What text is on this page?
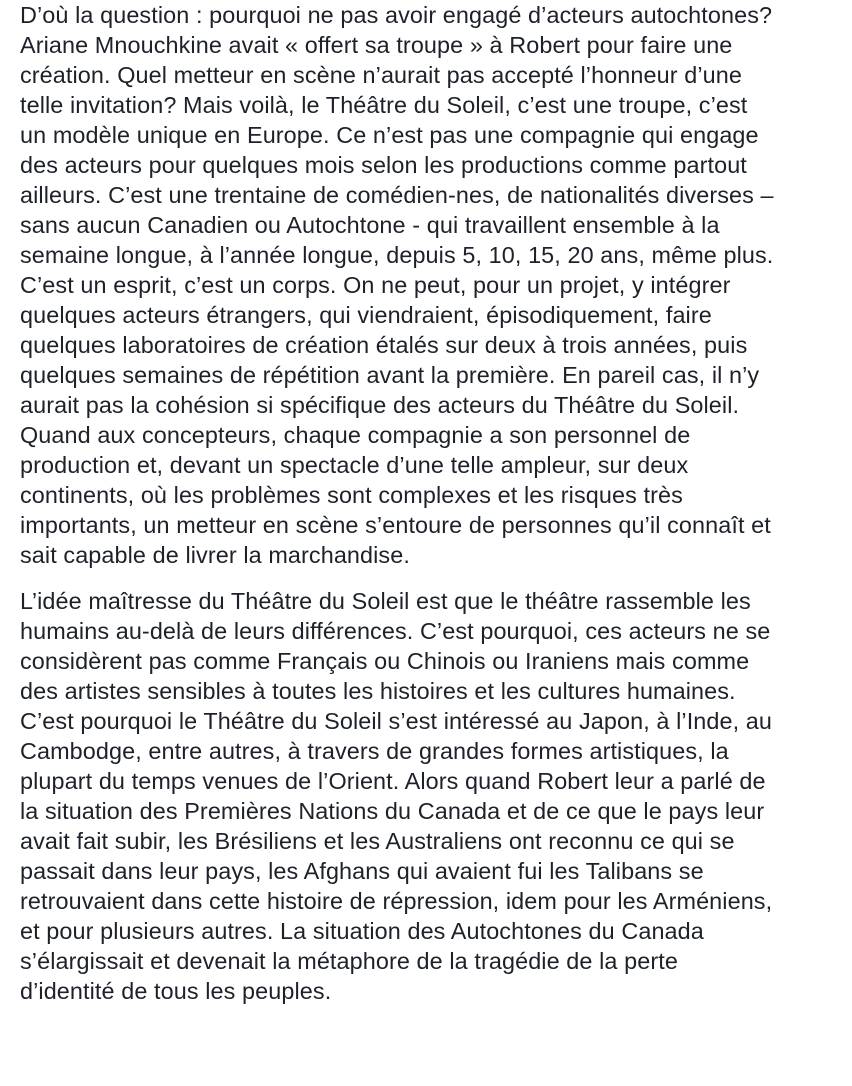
D’où la question : pourquoi ne pas avoir engagé d’acteurs autochtones?
Ariane Mnouchkine avait « offert sa troupe » à Robert pour faire une
création. Quel metteur en scène n’aurait pas accepté l’honneur d’une
telle invitation? Mais voilà, le Théâtre du Soleil, c’est une troupe, c’est
un modèle unique en Europe. Ce n’est pas une compagnie qui engage
des acteurs pour quelques mois selon les productions comme partout
ailleurs. C’est une trentaine de comédien-nes, de nationalités diverses –
sans aucun Canadien ou Autochtone - qui travaillent ensemble à la
semaine longue, à l’année longue, depuis 5, 10, 15, 20 ans, même plus.
C’est un esprit, c’est un corps. On ne peut, pour un projet, y intégrer
quelques acteurs étrangers, qui viendraient, épisodiquement, faire
quelques laboratoires de création étalés sur deux à trois années, puis
quelques semaines de répétition avant la première. En pareil cas, il n’y
aurait pas la cohésion si spécifique des acteurs du Théâtre du Soleil.
Quand aux concepteurs, chaque compagnie a son personnel de
production et, devant un spectacle d’une telle ampleur, sur deux
continents, où les problèmes sont complexes et les risques très
importants, un metteur en scène s’entoure de personnes qu’il connaît et
sait capable de livrer la marchandise.
L’idée maîtresse du Théâtre du Soleil est que le théâtre rassemble les
humains au-delà de leurs différences. C’est pourquoi, ces acteurs ne se
considèrent pas comme Français ou Chinois ou Iraniens mais comme
des artistes sensibles à toutes les histoires et les cultures humaines.
C’est pourquoi le Théâtre du Soleil s’est intéressé au Japon, à l’Inde, au
Cambodge, entre autres, à travers de grandes formes artistiques, la
plupart du temps venues de l’Orient. Alors quand Robert leur a parlé de
la situation des Premières Nations du Canada et de ce que le pays leur
avait fait subir, les Brésiliens et les Australiens ont reconnu ce qui se
passait dans leur pays, les Afghans qui avaient fui les Talibans se
retrouvaient dans cette histoire de répression, idem pour les Arméniens,
et pour plusieurs autres. La situation des Autochtones du Canada
s’élargissait et devenait la métaphore de la tragédie de la perte
d’identité de tous les peuples.
